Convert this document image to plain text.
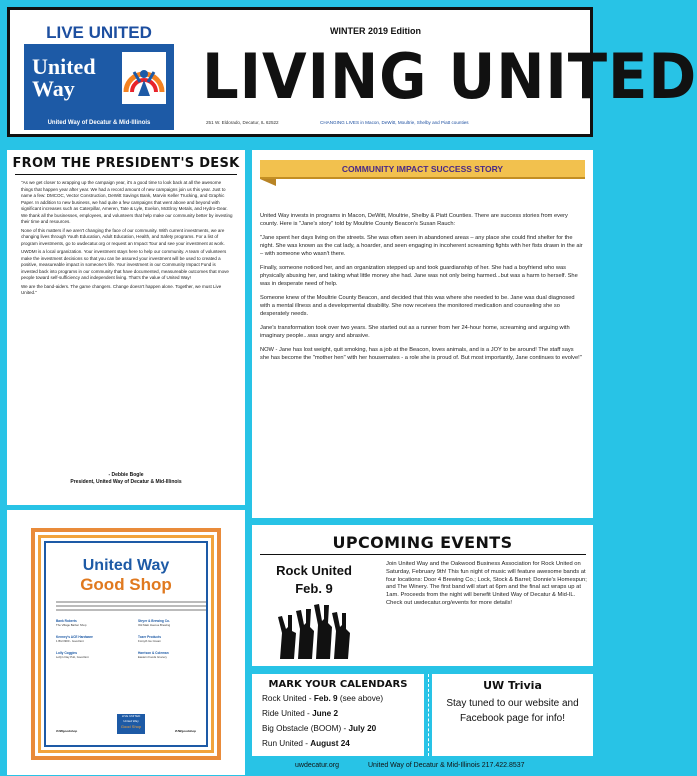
LIVE UNITED
United
Way
United Way of Decatur & Mid-Illinois
WINTER 2019 Edition
LIVING UNITED
251 W. Eldorado, Decatur, IL 62522	CHANGING LIVES in Macon, DeWitt, Moultrie, Shelby and Piatt counties
FROM THE PRESIDENT'S DESK

"As we get closer to wrapping up the campaign year, it's a good time to look back at all the awesome things that happen year after year. We had a record amount of new campaigns join us this year. Just to name a few: DMCOC, Vector Construction, DeWitt Savings Bank, Marvin Keller Trucking, and Graphic Paper. In addition to new business, we had quite a few campaigns that went above and beyond with significant increases such as Caterpillar, Ameren, Tate & Lyle, Exelon, McElroy Metals, and Hydro-Gear. We thank all the businesses, employees, and volunteers that help make our community better by investing their time and resources.

None of this matters if we aren't changing the face of our community. With current investments, we are changing lives through Youth Education, Adult Education, Health, and Safety programs. For a list of program investments, go to uwdecatur.org or request an Impact Tour and see your investment at work.

UWDMI is a local organization. Your investment stays here to help our community. A team of volunteers make the investment decisions so that you can be assured your investment will be used to created a positive, measureable impact in someone's life. Your investment in our Community Impact Fund is invested back into programs in our community that have documented, measureable outcomes that move people toward self-sufficiency and independent living. That's the value of United Way!

We are the band-aiders. The game changers. Change doesn't happen alone. Together, we must Live United."

- Debbie Bogle
President, United Way of Decatur & Mid-Illinois
United Way
Good Shop
Bank Roberts
The Village Barber Shop
Kenney's ACE Hardware
1 Bld 3900 - Good Ent
Lolly Coggins
Lolly's Day Pub, Good Ent
Stryer & Brewing Co.
Old Main Avenue Brewing
Tozer Products
Forsyth Ice Cream
Harrison & Coleman
Eastern Foods Grocery
#UWgoodshop
LIVE UNITED
United Way
Good Shop
#UWgoodshop
COMMUNITY IMPACT SUCCESS STORY

United Way invests in programs in Macon, DeWitt, Moultrie, Shelby & Piatt Counties. There are success stories from every county. Here is "Jane's story" told by Moultrie County Beacon's Susan Rauch:

"Jane spent her days living on the streets. She was often seen in abandoned areas – any place she could find shelter for the night. She was known as the cat lady, a hoarder, and seen engaging in incoherent screaming fights with her fists drawn in the air – with someone who wasn't there.

Finally, someone noticed her, and an organization stepped up and took guardianship of her. She had a boyfriend who was physically abusing her, and taking what little money she had. Jane was not only being harmed...but was a harm to herself. She was in desperate need of help.

Someone knew of the Moultrie County Beacon, and decided that this was where she needed to be. Jane was dual diagnosed with a mental illness and a developmental disability. She now receives the monitored medication and counseling she so desperately needs.

Jane's transformation took over two years. She started out as a runner from her 24-hour home, screaming and arguing with imaginary people...was angry and abrasive.

NOW - Jane has lost weight, quit smoking, has a job at the Beacon, loves animals, and is a JOY to be around! The staff says she has become the "mother hen" with her housemates - a role she is proud of. But most importantly, Jane continues to evolve!"

UPCOMING EVENTS
Rock United
Feb. 9
Join United Way and the Oakwood Business Association for Rock United on Saturday, February 9th! This fun night of music will feature awesome bands at four locations: Door 4 Brewing Co.; Lock, Stock & Barrel; Donnie's Homespun; and The Winery. The first band will start at 6pm and the final act wraps up at 1am. Proceeds from the night will benefit United Way of Decatur & Mid-IL. Check out uwdecatur.org/events for more details!
MARK YOUR CALENDARS
Rock United - Feb. 9 (see above)
Ride United - June 2
Big Obstacle (BOOM) - July 20
Run United - August 24
UW Trivia
Stay tuned to our website and Facebook page for info!
uwdecatur.org	United Way of Decatur & Mid-Illinois 217.422.8537
